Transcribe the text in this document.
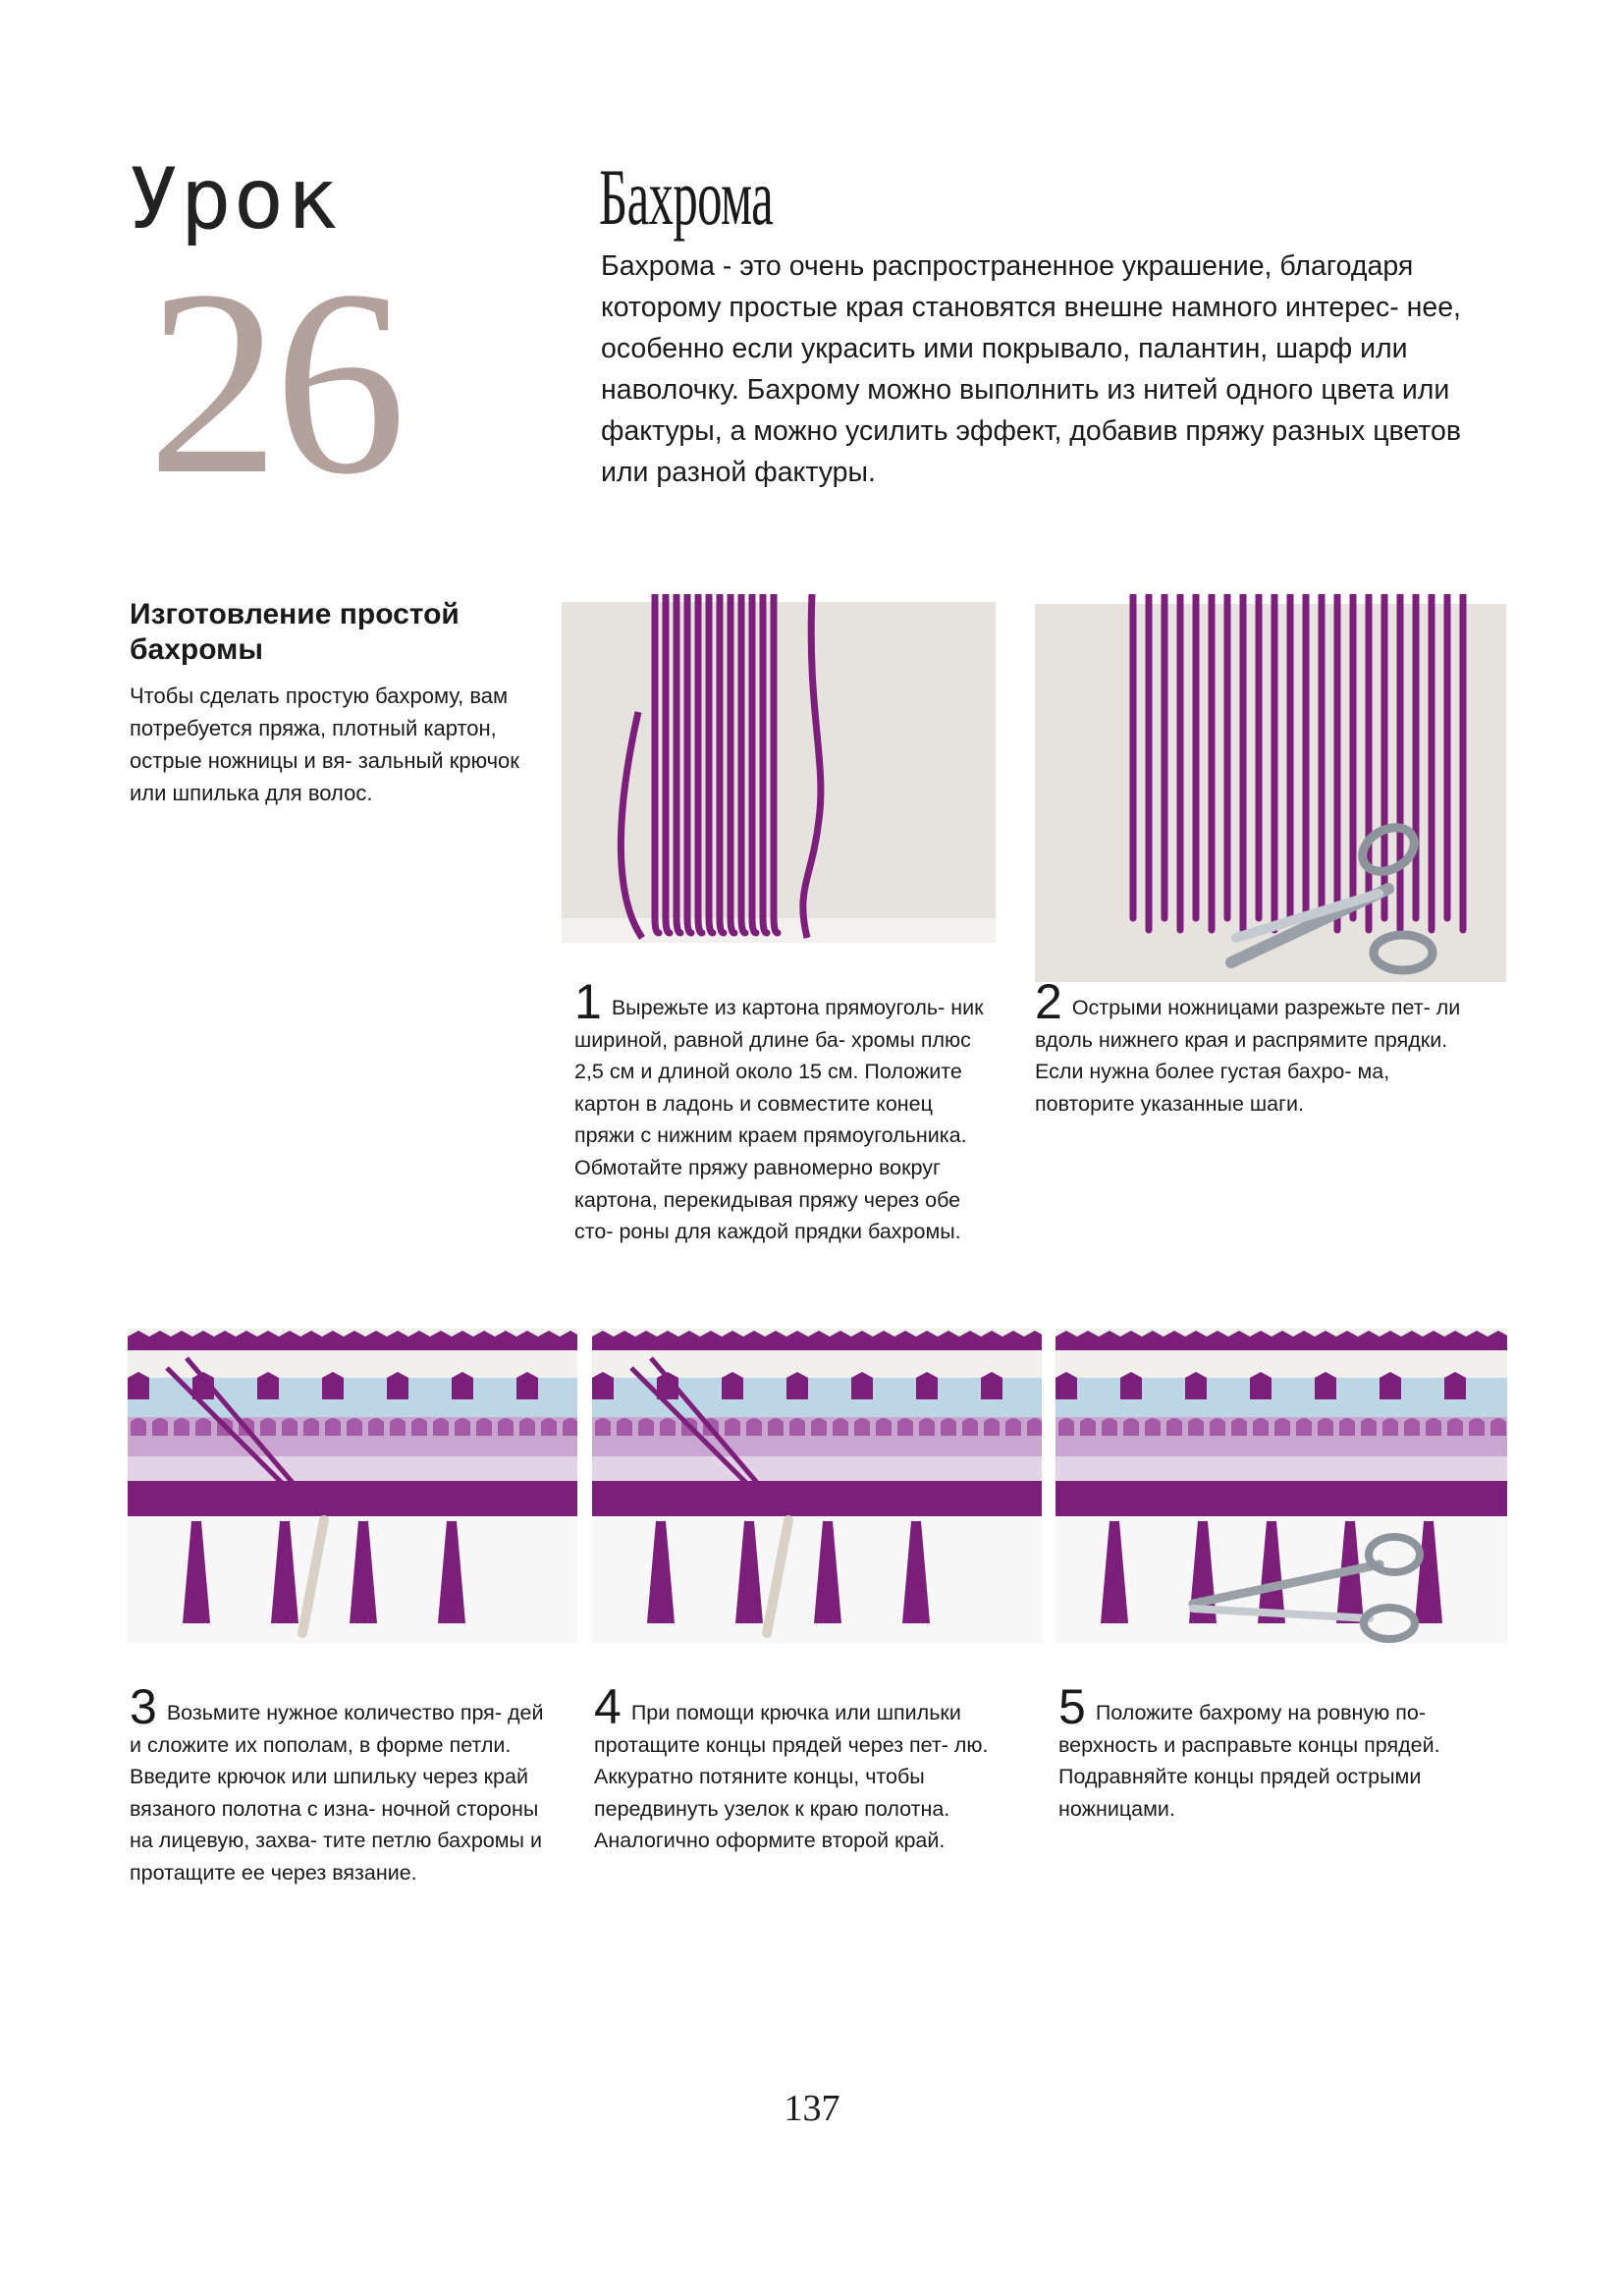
Урок
26
Бахрома
Бахрома - это очень распространенное украшение, благодаря которому простые края становятся внешне намного интерес- нее, особенно если украсить ими покрывало, палантин, шарф или наволочку. Бахрому можно выполнить из нитей одного цвета или фактуры, а можно усилить эффект, добавив пряжу разных цветов или разной фактуры.
Изготовление простой бахромы
Чтобы сделать простую бахрому, вам потребуется пряжа, плотный картон, острые ножницы и вя- зальный крючок или шпилька для волос.
1 Вырежьте из картона прямоуголь- ник шириной, равной длине ба- хромы плюс 2,5 см и длиной около 15 см. Положите картон в ладонь и совместите конец пряжи с нижним краем прямоугольника. Обмотайте пряжу равномерно вокруг картона, перекидывая пряжу через обе сто- роны для каждой прядки бахромы.
2 Острыми ножницами разрежьте пет- ли вдоль нижнего края и распрямите прядки. Если нужна более густая бахро- ма, повторите указанные шаги.
3 Возьмите нужное количество пря- дей и сложите их пополам, в форме петли. Введите крючок или шпильку через край вязаного полотна с изна- ночной стороны на лицевую, захва- тите петлю бахромы и протащите ее через вязание.
4 При помощи крючка или шпильки протащите концы прядей через пет- лю. Аккуратно потяните концы, чтобы передвинуть узелок к краю полотна. Аналогично оформите второй край.
5 Положите бахрому на ровную по- верхность и расправьте концы прядей. Подравняйте концы прядей острыми ножницами.
137
